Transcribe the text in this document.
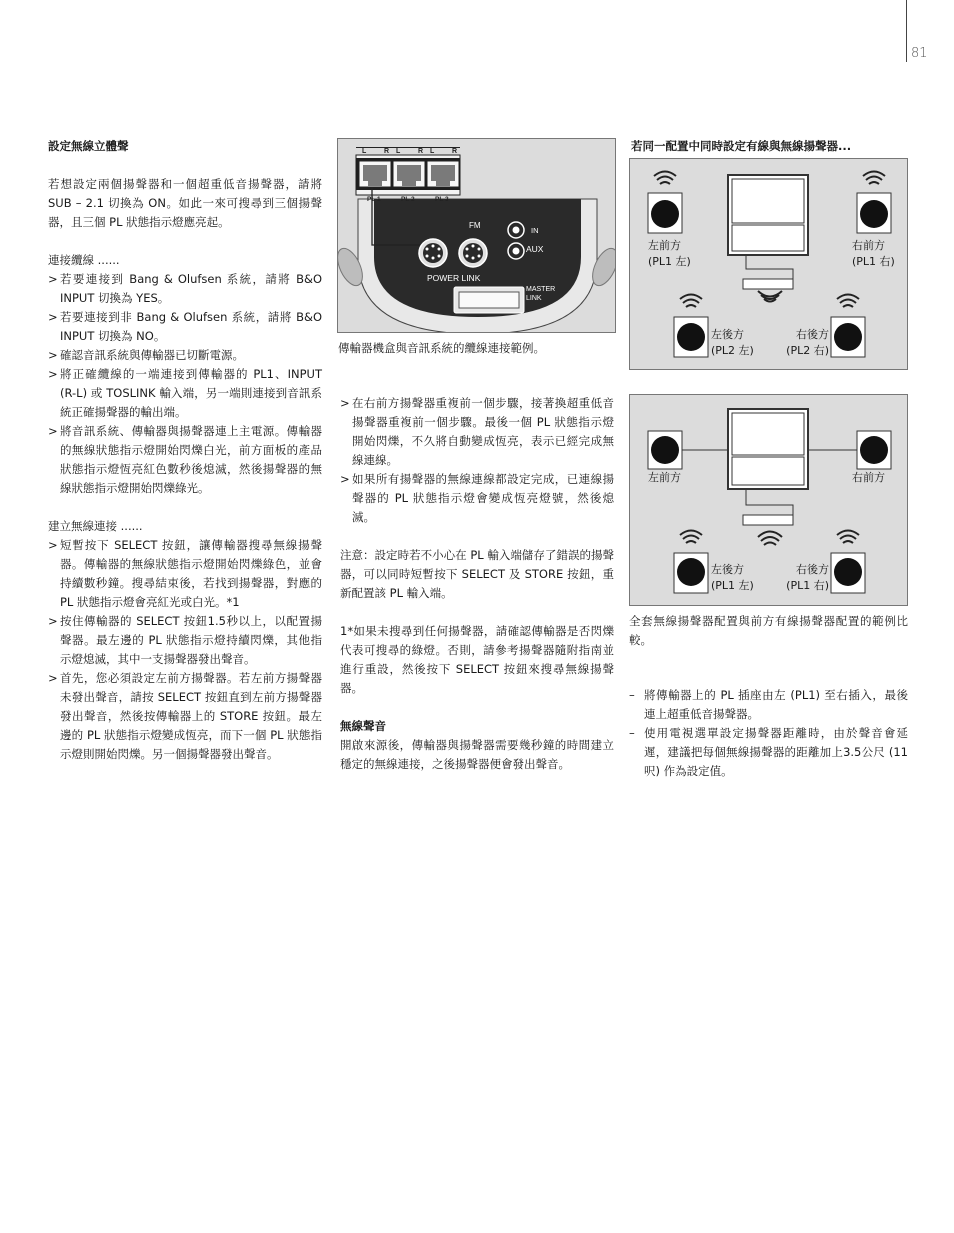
81

設定無線立體聲

若想設定兩個揚聲器和一個超重低音揚聲器，請將SUB – 2.1 切換為 ON。如此一來可搜尋到三個揚聲器，且三個 PL 狀態指示燈應亮起。

連接纜線 ......

> 若要連接到 Bang & Olufsen 系統，請將 B&O INPUT 切換為 YES。

> 若要連接到非 Bang & Olufsen 系統，請將 B&O INPUT 切換為 NO。

> 確認音訊系統與傳輸器已切斷電源。

> 將正確纜線的一端連接到傳輸器的 PL1、INPUT (R-L) 或 TOSLINK 輸入端，另一端則連接到音訊系統正確揚聲器的輸出端。

> 將音訊系統、傳輸器與揚聲器連上主電源。傳輸器的無線狀態指示燈開始閃爍白光，前方面板的產品狀態指示燈恆亮紅色數秒後熄滅，然後揚聲器的無線狀態指示燈開始閃爍綠光。

建立無線連接 ......

> 短暫按下 SELECT 按鈕，讓傳輸器搜尋無線揚聲器。傳輸器的無線狀態指示燈開始閃爍綠色，並會持續數秒鐘。搜尋結束後，若找到揚聲器，對應的 PL 狀態指示燈會亮紅光或白光。*1

> 按住傳輸器的 SELECT 按鈕1.5秒以上，以配置揚聲器。最左邊的 PL 狀態指示燈持續閃爍，其他指示燈熄滅，其中一支揚聲器發出聲音。

> 首先，您必須設定左前方揚聲器。若左前方揚聲器未發出聲音，請按 SELECT 按鈕直到左前方揚聲器發出聲音，然後按傳輸器上的 STORE 按鈕。最左邊的 PL 狀態指示燈變成恆亮，而下一個 PL 狀態指示燈則開始閃爍。另一個揚聲器發出聲音。

L	R L	R L	R
PL 1	PL 2	PL 3
FM
POWER LINK
IN
AUX
MASTER
LINK

傳輸器機盒與音訊系統的纜線連接範例。

> 在右前方揚聲器重複前一個步驟，接著換超重低音揚聲器重複前一個步驟。最後一個 PL 狀態指示燈開始閃爍，不久將自動變成恆亮，表示已經完成無線連線。

> 如果所有揚聲器的無線連線都設定完成，已連線揚聲器的 PL 狀態指示燈會變成恆亮燈號，然後熄滅。

注意：設定時若不小心在 PL 輸入端儲存了錯誤的揚聲器，可以同時短暫按下 SELECT 及 STORE 按鈕，重新配置該 PL 輸入端。

1*如果未搜尋到任何揚聲器，請確認傳輸器是否閃爍代表可搜尋的綠燈。否則，請參考揚聲器隨附指南並進行重設，然後按下 SELECT 按鈕來搜尋無線揚聲器。

無線聲音

開啟來源後，傳輸器與揚聲器需要幾秒鐘的時間建立穩定的無線連接，之後揚聲器便會發出聲音。

若同一配置中同時設定有線與無線揚聲器...

左前方
(PL1 左)
右前方
(PL1 右)
左後方
(PL2 左)
右後方
(PL2 右)
左前方	右前方
左後方
(PL1 左)
右後方
(PL1 右)

全套無線揚聲器配置與前方有線揚聲器配置的範例比較。

– 將傳輸器上的 PL 插座由左 (PL1) 至右插入，最後連上超重低音揚聲器。

– 使用電視選單設定揚聲器距離時，由於聲音會延遲，建議把每個無線揚聲器的距離加上3.5公尺 (11呎) 作為設定值。
